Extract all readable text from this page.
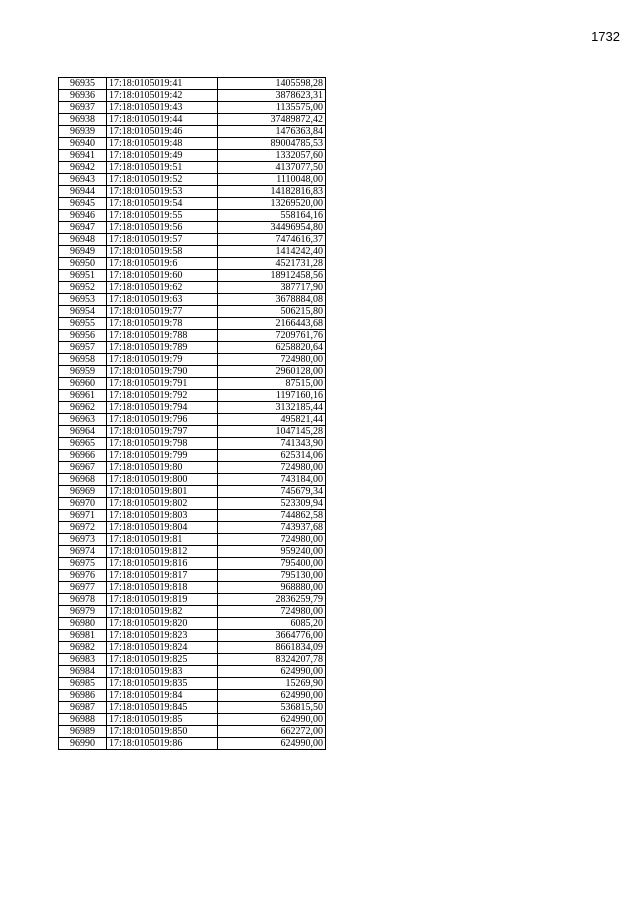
1732
96935	17:18:0105019:41	1405598,28
96936	17:18:0105019:42	3878623,31
96937	17:18:0105019:43	1135575,00
96938	17:18:0105019:44	37489872,42
96939	17:18:0105019:46	1476363,84
96940	17:18:0105019:48	89004785,53
96941	17:18:0105019:49	1332057,60
96942	17:18:0105019:51	4137077,50
96943	17:18:0105019:52	1110048,00
96944	17:18:0105019:53	14182816,83
96945	17:18:0105019:54	13269520,00
96946	17:18:0105019:55	558164,16
96947	17:18:0105019:56	34496954,80
96948	17:18:0105019:57	7474616,37
96949	17:18:0105019:58	1414242,40
96950	17:18:0105019:6	4521731,28
96951	17:18:0105019:60	18912458,56
96952	17:18:0105019:62	387717,90
96953	17:18:0105019:63	3678884,08
96954	17:18:0105019:77	506215,80
96955	17:18:0105019:78	2166443,68
96956	17:18:0105019:788	7209761,76
96957	17:18:0105019:789	6258820,64
96958	17:18:0105019:79	724980,00
96959	17:18:0105019:790	2960128,00
96960	17:18:0105019:791	87515,00
96961	17:18:0105019:792	1197160,16
96962	17:18:0105019:794	3132185,44
96963	17:18:0105019:796	495821,44
96964	17:18:0105019:797	1047145,28
96965	17:18:0105019:798	741343,90
96966	17:18:0105019:799	625314,06
96967	17:18:0105019:80	724980,00
96968	17:18:0105019:800	743184,00
96969	17:18:0105019:801	745679,34
96970	17:18:0105019:802	523309,94
96971	17:18:0105019:803	744862,58
96972	17:18:0105019:804	743937,68
96973	17:18:0105019:81	724980,00
96974	17:18:0105019:812	959240,00
96975	17:18:0105019:816	795400,00
96976	17:18:0105019:817	795130,00
96977	17:18:0105019:818	968880,00
96978	17:18:0105019:819	2836259,79
96979	17:18:0105019:82	724980,00
96980	17:18:0105019:820	6085,20
96981	17:18:0105019:823	3664776,00
96982	17:18:0105019:824	8661834,09
96983	17:18:0105019:825	8324207,78
96984	17:18:0105019:83	624990,00
96985	17:18:0105019:835	15269,90
96986	17:18:0105019:84	624990,00
96987	17:18:0105019:845	536815,50
96988	17:18:0105019:85	624990,00
96989	17:18:0105019:850	662272,00
96990	17:18:0105019:86	624990,00
